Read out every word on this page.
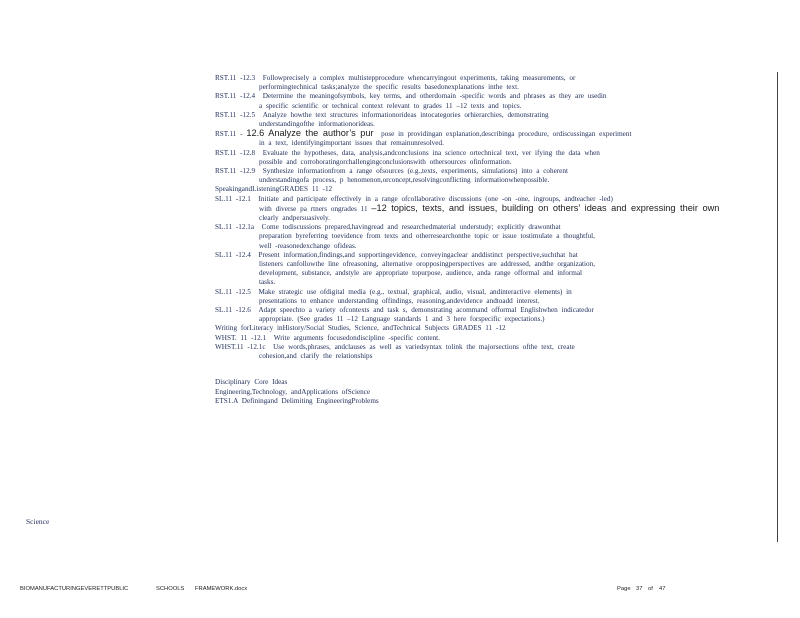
RST.11 -12.3 Followprecisely a complex multistepprocedure whencarryingout experiments, taking measurements, or
performingtechnical tasks;analyze the specific results basedonexplanations inthe text.
RST.11 -12.4 Determine the meaningofsymbols, key terms, and otherdomain -specific words and phrases as they are usedin
a specific scientific or technical context relevant to grades 11 –12 texts and topics.
RST.11 -12.5 Analyze howthe text structures informationorideas intocategories orhierarchies, demonstrating
understandingofthe informationorideas.
RST.11 - 12.6 Analyze the author’s pur pose in providingan explanation,describinga procedure, ordiscussingan experiment
in a text, identifyingimportant issues that remainunresolved.
RST.11 -12.8 Evaluate the hypotheses, data, analysis,andconclusions ina science ortechnical text, ver ifying the data when
possible and corroboratingorchallengingconclusionswith othersources ofinformation.
RST.11 -12.9 Synthesize informationfrom a range ofsources (e.g.,texts, experiments, simulations) into a coherent
understandingofa process, p henomenon,orconcept,resolvingconflicting informationwhenpossible.
SpeakingandListeningGRADES 11 -12
SL.11 -12.1 Initiate and participate effectively in a range ofcollaborative discussions (one -on -one, ingroups, andteacher -led)
with diverse pa rtners ongrades 11 –12 topics, texts, and issues, building on others’ ideas and expressing their own
clearly andpersuasively.
SL.11 -12.1a Come todiscussions prepared,havingread and researchedmaterial understudy; explicitly drawonthat
preparation byreferring toevidence from texts and otherresearchonthe topic or issue tostimulate a thoughtful,
well -reasonedexchange ofideas.
SL.11 -12.4 Present information,findings,and supportingevidence, conveyingaclear anddistinct perspective,suchthat hat
listeners canfollowthe line ofreasoning, alternative oropposingperspectives are addressed, andthe organization,
development, substance, andstyle are appropriate topurpose, audience, anda range offormal and informal
tasks.
SL.11 -12.5 Make strategic use ofdigital media (e.g., textual, graphical, audio, visual, andinteractive elements) in
presentations to enhance understanding offindings, reasoning,andevidence andtoadd interest.
SL.11 -12.6 Adapt speechto a variety ofcontexts and task s, demonstrating acommand offormal Englishwhen indicatedor
appropriate. (See grades 11 –12 Language standards 1 and 3 here forspecific expectations.)
Writing forLiteracy inHistory/Social Studies, Science, andTechnical Subjects GRADES 11 -12
WHST. 11 -12.1 Write arguments focusedondiscipline -specific content.
WHST.11 -12.1c Use words,phrases, andclauses as well as variedsyntax tolink the majorsections ofthe text, create
cohesion,and clarify the relationships
Disciplinary Core Ideas
Engineering,Technology, andApplications ofScience
ETS1.A Definingand Delimiting EngineeringProblems
Science
BIOMANUFACTURINGEVERETTPUBLIC	SCHOOLS FRAMEWORK.docx	Page 37 of 47
